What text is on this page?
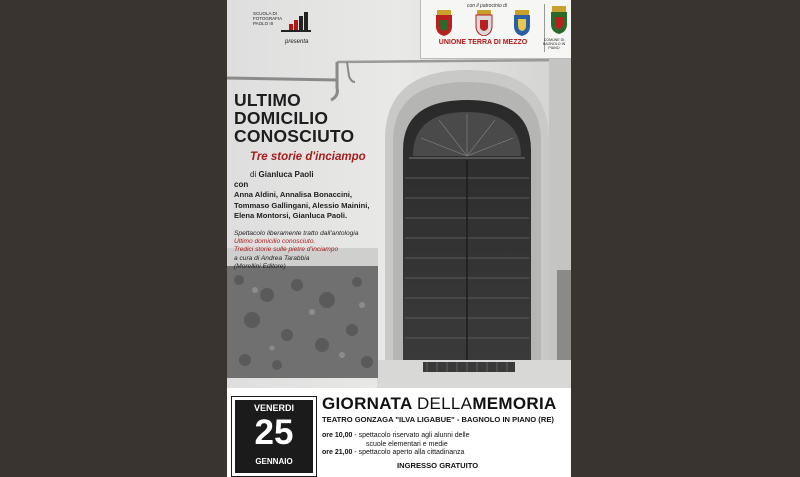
SCUOLA DI FOTOGRAFIA PAOLO III
presenta
con il patrocinio di
UNIONE TERRA DI MEZZO	COMUNE DI BAGNOLO IN PIANO
ULTIMO
DOMICILIO
CONOSCIUTO
Tre storie d'inciampo
di Gianluca Paoli
con
Anna Aldini, Annalisa Bonaccini,
Tommaso Gallingani, Alessio Mainini,
Elena Montorsi, Gianluca Paoli.
Spettacolo liberamente tratto dall'antologia
Ultimo domicilio conosciuto.
Tredici storie sulle pietre d'inciampo
a cura di Andrea Tarabbia
(Morellini Editore)
VENERDI
25
GENNAIO
GIORNATA DELLAMEMORIA
TEATRO GONZAGA "ILVA LIGABUE" - BAGNOLO IN PIANO (RE)
ore 10,00 - spettacolo riservato agli alunni delle
scuole elementari e medie
ore 21,00 - spettacolo aperto alla cittadinanza
INGRESSO GRATUITO
